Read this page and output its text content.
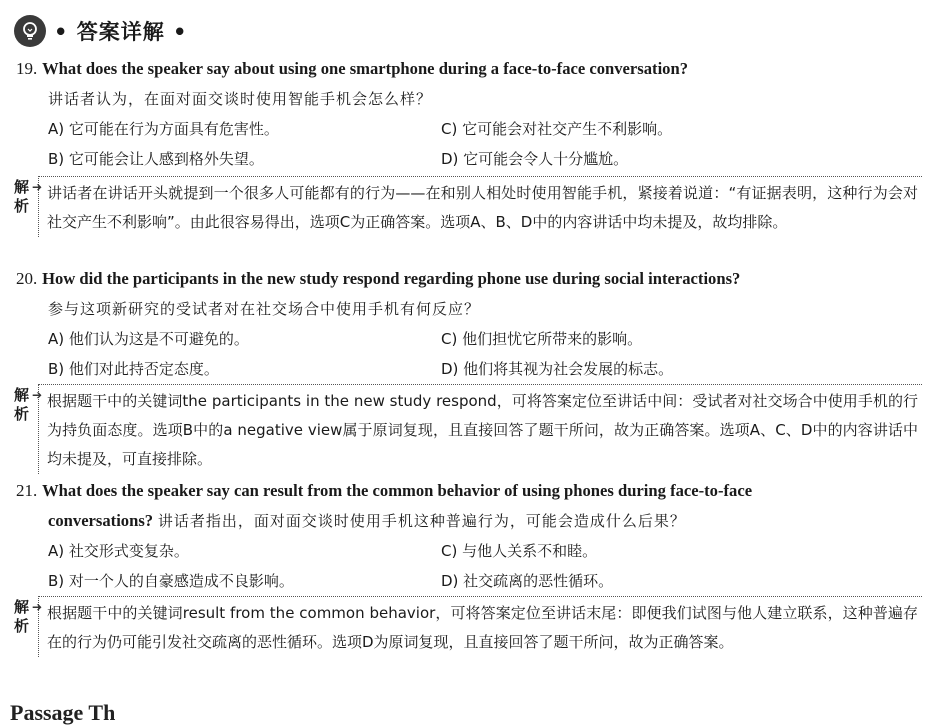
• 答案详解 •
19. What does the speaker say about using one smartphone during a face-to-face conversation?
讲话者认为，在面对面交谈时使用智能手机会怎么样？
A) 它可能在行为方面具有危害性。	C) 它可能会对社交产生不利影响。
B) 它可能会让人感到格外失望。	D) 它可能会令人十分尴尬。
解析
➔ 讲话者在讲话开头就提到一个很多人可能都有的行为——在和别人相处时使用智能手机，紧接着说道：“有证据表明，这种行为会对社交产生不利影响”。由此很容易得出，选项C为正确答案。选项A、B、D中的内容讲话中均未提及，故均排除。

20. How did the participants in the new study respond regarding phone use during social interactions?
参与这项新研究的受试者对在社交场合中使用手机有何反应？
A) 他们认为这是不可避免的。	C) 他们担忧它所带来的影响。
B) 他们对此持否定态度。	D) 他们将其视为社会发展的标志。
解析
➔ 根据题干中的关键词the participants in the new study respond，可将答案定位至讲话中间：受试者对社交场合中使用手机的行为持负面态度。选项B中的a negative view属于原词复现，且直接回答了题干所问，故为正确答案。选项A、C、D中的内容讲话中均未提及，可直接排除。

21. What does the speaker say can result from the common behavior of using phones during face-to-face
conversations? 讲话者指出，面对面交谈时使用手机这种普遍行为，可能会造成什么后果？
A) 社交形式变复杂。	C) 与他人关系不和睦。
B) 对一个人的自豪感造成不良影响。	D) 社交疏离的恶性循环。
解析
➔ 根据题干中的关键词result from the common behavior，可将答案定位至讲话末尾：即便我们试图与他人建立联系，这种普遍存在的行为仍可能引发社交疏离的恶性循环。选项D为原词复现，且直接回答了题干所问，故为正确答案。

Passage Th
